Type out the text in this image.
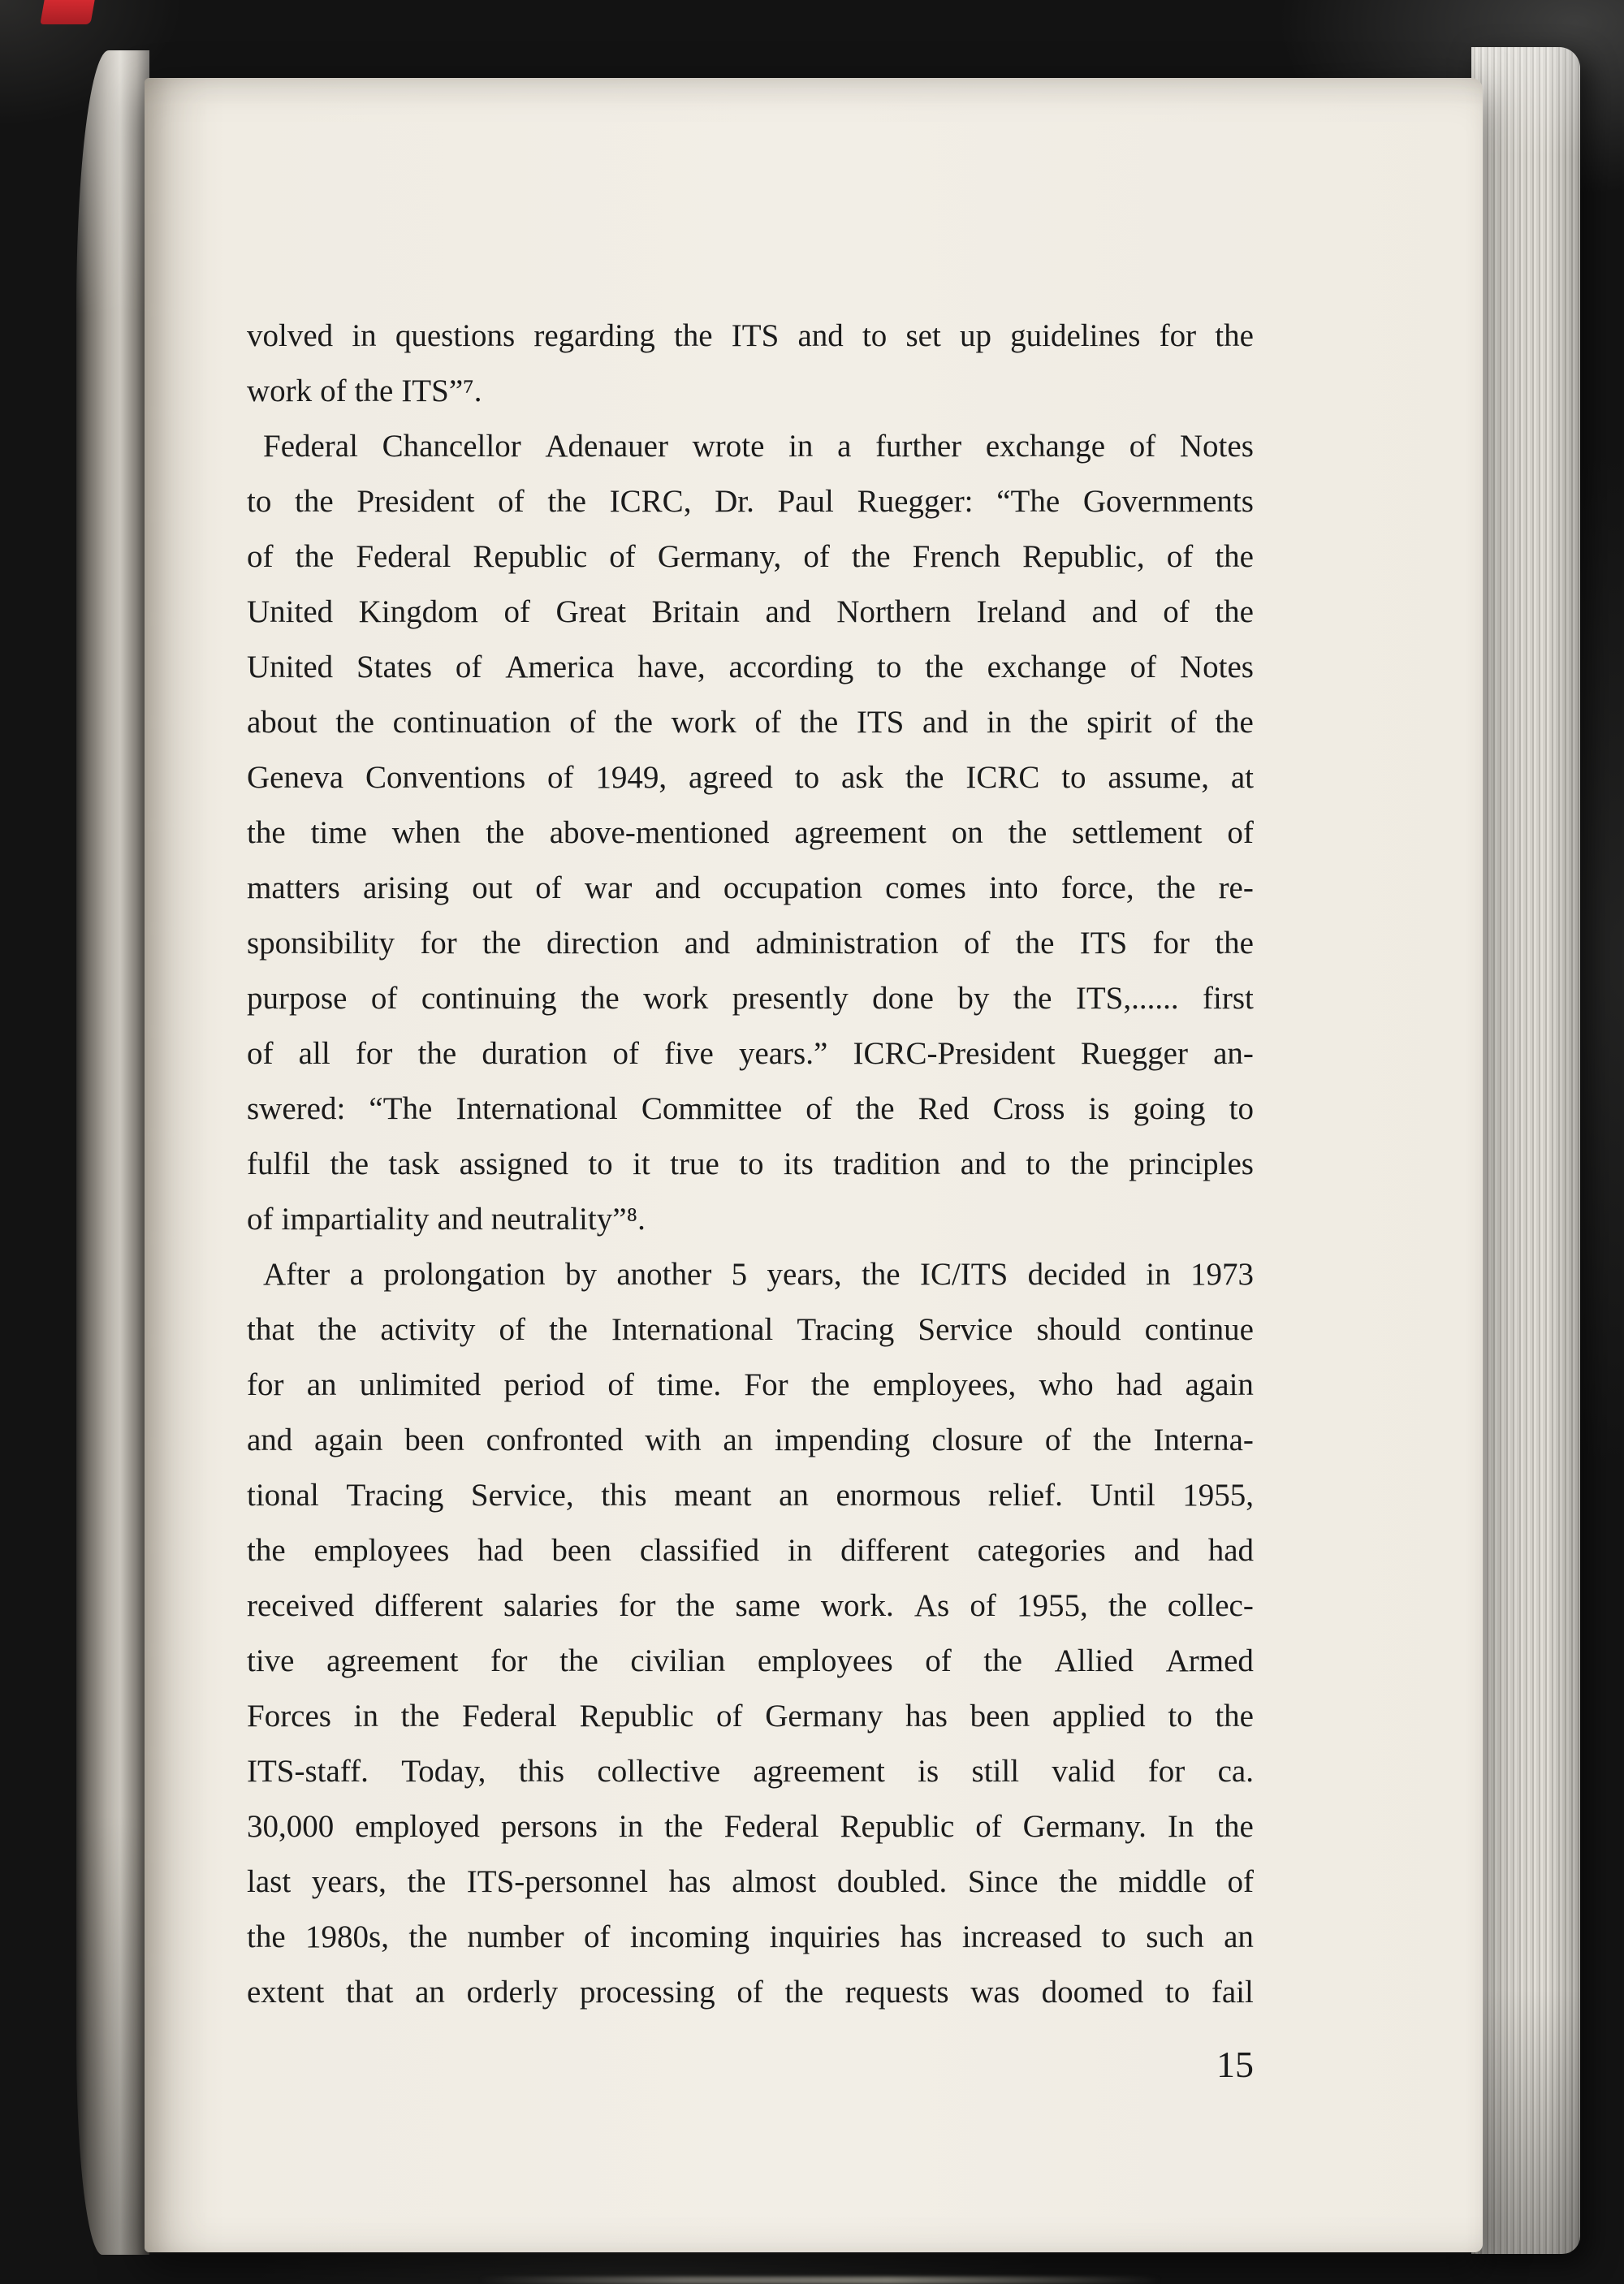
volved in questions regarding the ITS and to set up guidelines for the
work of the ITS”⁷.
Federal Chancellor Adenauer wrote in a further exchange of Notes
to the President of the ICRC, Dr. Paul Ruegger: “The Governments
of the Federal Republic of Germany, of the French Republic, of the
United Kingdom of Great Britain and Northern Ireland and of the
United States of America have, according to the exchange of Notes
about the continuation of the work of the ITS and in the spirit of the
Geneva Conventions of 1949, agreed to ask the ICRC to assume, at
the time when the above-mentioned agreement on the settlement of
matters arising out of war and occupation comes into force, the re-
sponsibility for the direction and administration of the ITS for the
purpose of continuing the work presently done by the ITS,...... first
of all for the duration of five years.” ICRC-President Ruegger an-
swered: “The International Committee of the Red Cross is going to
fulfil the task assigned to it true to its tradition and to the principles
of impartiality and neutrality”⁸.
After a prolongation by another 5 years, the IC/ITS decided in 1973
that the activity of the International Tracing Service should continue
for an unlimited period of time. For the employees, who had again
and again been confronted with an impending closure of the Interna-
tional Tracing Service, this meant an enormous relief. Until 1955,
the employees had been classified in different categories and had
received different salaries for the same work. As of 1955, the collec-
tive agreement for the civilian employees of the Allied Armed
Forces in the Federal Republic of Germany has been applied to the
ITS-staff. Today, this collective agreement is still valid for ca.
30,000 employed persons in the Federal Republic of Germany. In the
last years, the ITS-personnel has almost doubled. Since the middle of
the 1980s, the number of incoming inquiries has increased to such an
extent that an orderly processing of the requests was doomed to fail
15
